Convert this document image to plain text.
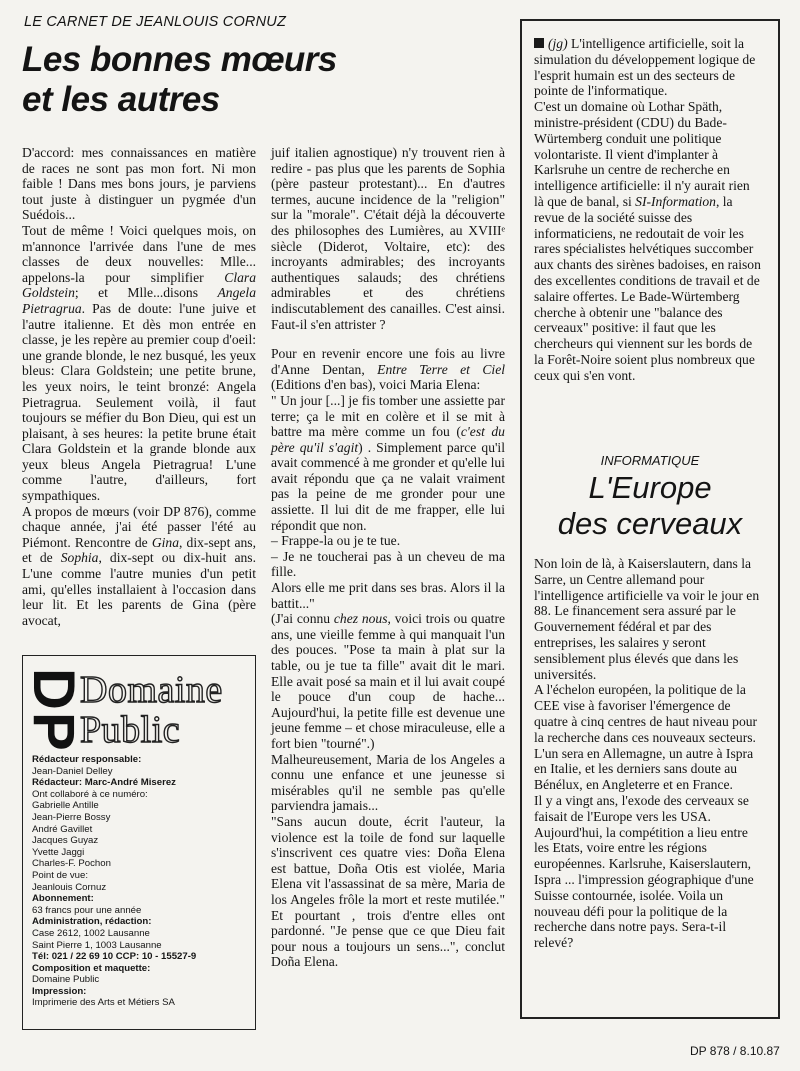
LE CARNET DE JEANLOUIS CORNUZ
Les bonnes mœurs
et les autres

D'accord: mes connaissances en matière de races ne sont pas mon fort. Ni mon faible ! Dans mes bons jours, je parviens tout juste à distinguer un pygmée d'un Suédois...

Tout de même ! Voici quelques mois, on m'annonce l'arrivée dans l'une de mes classes de deux nouvelles: Mlle... appelons-la pour simplifier Clara Goldstein; et Mlle...disons Angela Pietragrua. Pas de doute: l'une juive et l'autre italienne. Et dès mon entrée en classe, je les repère au premier coup d'oeil: une grande blonde, le nez busqué, les yeux bleus: Clara Goldstein; une petite brune, les yeux noirs, le teint bronzé: Angela Pietragrua. Seulement voilà, il faut toujours se méfier du Bon Dieu, qui est un plaisant, à ses heures: la petite brune était Clara Goldstein et la grande blonde aux yeux bleus Angela Pietragrua! L'une comme l'autre, d'ailleurs, fort sympathiques.

A propos de mœurs (voir DP 876), comme chaque année, j'ai été passer l'été au Piémont. Rencontre de Gina, dix-sept ans, et de Sophia, dix-sept ou dix-huit ans. L'une comme l'autre munies d'un petit ami, qu'elles installaient à l'occasion dans leur lit. Et les parents de Gina (père avocat,

juif italien agnostique) n'y trouvent rien à redire - pas plus que les parents de Sophia (père pasteur protestant)... En d'autres termes, aucune incidence de la "religion" sur la "morale". C'était déjà la découverte des philosophes des Lumières, au XVIIIᵉ siècle (Diderot, Voltaire, etc): des incroyants admirables; des incroyants authentiques salauds; des chrétiens admirables et des chrétiens indiscutablement des canailles. C'est ainsi. Faut-il s'en attrister ?

Pour en revenir encore une fois au livre d'Anne Dentan, Entre Terre et Ciel (Editions d'en bas), voici Maria Elena:

" Un jour [...] je fis tomber une assiette par terre; ça le mit en colère et il se mit à battre ma mère comme un fou (c'est du père qu'il s'agit) . Simplement parce qu'il avait commencé à me gronder et qu'elle lui avait répondu que ça ne valait vraiment pas la peine de me gronder pour une assiette. Il lui dit de me frapper, elle lui répondit que non.

– Frappe-la ou je te tue.

– Je ne toucherai pas à un cheveu de ma fille.

Alors elle me prit dans ses bras. Alors il la battit..."

(J'ai connu chez nous, voici trois ou quatre ans, une vieille femme à qui manquait l'un des pouces. "Pose ta main à plat sur la table, ou je tue ta fille" avait dit le mari. Elle avait posé sa main et il lui avait coupé le pouce d'un coup de hache... Aujourd'hui, la petite fille est devenue une jeune femme – et chose miraculeuse, elle a fort bien "tourné".)

Malheureusement, Maria de los Angeles a connu une enfance et une jeunesse si misérables qu'il ne semble pas qu'elle parviendra jamais...

"Sans aucun doute, écrit l'auteur, la violence est la toile de fond sur laquelle s'inscrivent ces quatre vies: Doña Elena est battue, Doña Otis est violée, Maria Elena vit l'assassinat de sa mère, Maria de los Angeles frôle la mort et reste mutilée." Et pourtant , trois d'entre elles ont pardonné. "Je pense que ce que Dieu fait pour nous a toujours un sens...", conclut Doña Elena.

(jg) L'intelligence artificielle, soit la simulation du développement logique de l'esprit humain est un des secteurs de pointe de l'informatique.

C'est un domaine où Lothar Späth, ministre-président (CDU) du Bade-Würtemberg conduit une politique volontariste. Il vient d'implanter à Karlsruhe un centre de recherche en intelligence artificielle: il n'y aurait rien là que de banal, si SI-Information, la revue de la société suisse des informaticiens, ne redoutait de voir les rares spécialistes helvétiques succomber aux chants des sirènes badoises, en raison des excellentes conditions de travail et de salaire offertes. Le Bade-Würtemberg cherche à obtenir une "balance des cerveaux" positive: il faut que les chercheurs qui viennent sur les bords de la Forêt-Noire soient plus nombreux que ceux qui s'en vont.

INFORMATIQUE
L'Europe
des cerveaux

Non loin de là, à Kaiserslautern, dans la Sarre, un Centre allemand pour l'intelligence artificielle va voir le jour en 88. Le financement sera assuré par le Gouvernement fédéral et par des entreprises, les salaires y seront sensiblement plus élevés que dans les universités.

A l'échelon européen, la politique de la CEE vise à favoriser l'émergence de quatre à cinq centres de haut niveau pour la recherche dans ces nouveaux secteurs. L'un sera en Allemagne, un autre à Ispra en Italie, et les derniers sans doute au Bénélux, en Angleterre et en France.

Il y a vingt ans, l'exode des cerveaux se faisait de l'Europe vers les USA. Aujourd'hui, la compétition a lieu entre les Etats, voire entre les régions européennes. Karlsruhe, Kaiserslautern, Ispra ... l'impression géographique d'une Suisse contournée, isolée. Voila un nouveau défi pour la politique de la recherche dans notre pays. Sera-t-il relevé?

D
P
Domaine
Public
Rédacteur responsable:
Jean-Daniel Delley
Rédacteur: Marc-André Miserez
Ont collaboré à ce numéro:
Gabrielle Antille
Jean-Pierre Bossy
André Gavillet
Jacques Guyaz
Yvette Jaggi
Charles-F. Pochon
Point de vue:
Jeanlouis Cornuz
Abonnement:
63 francs pour une année
Administration, rédaction:
Case 2612, 1002 Lausanne
Saint Pierre 1, 1003 Lausanne
Tél: 021 / 22 69 10 CCP: 10 - 15527-9
Composition et maquette:
Domaine Public
Impression:
Imprimerie des Arts et Métiers SA
DP 878 / 8.10.87
